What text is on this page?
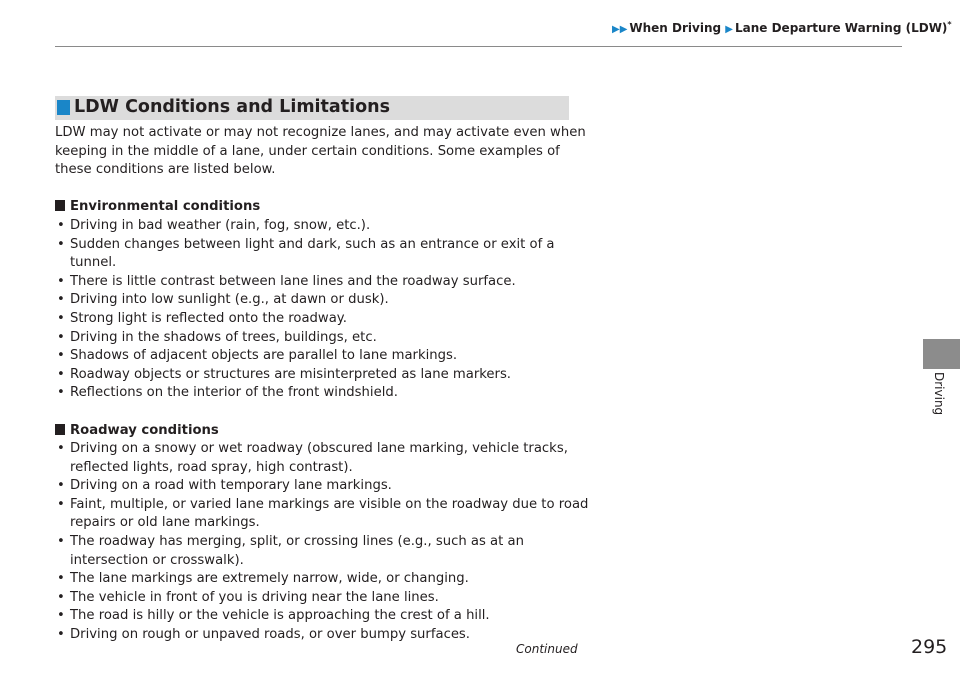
▶▶ When Driving ▶ Lane Departure Warning (LDW)*
LDW Conditions and Limitations

LDW may not activate or may not recognize lanes, and may activate even when keeping in the middle of a lane, under certain conditions. Some examples of these conditions are listed below.

Environmental conditions

• Driving in bad weather (rain, fog, snow, etc.).
• Sudden changes between light and dark, such as an entrance or exit of a tunnel.
• There is little contrast between lane lines and the roadway surface.
• Driving into low sunlight (e.g., at dawn or dusk).
• Strong light is reflected onto the roadway.
• Driving in the shadows of trees, buildings, etc.
• Shadows of adjacent objects are parallel to lane markings.
• Roadway objects or structures are misinterpreted as lane markers.
• Reflections on the interior of the front windshield.

Roadway conditions

• Driving on a snowy or wet roadway (obscured lane marking, vehicle tracks, reflected lights, road spray, high contrast).
• Driving on a road with temporary lane markings.
• Faint, multiple, or varied lane markings are visible on the roadway due to road repairs or old lane markings.
• The roadway has merging, split, or crossing lines (e.g., such as at an intersection or crosswalk).
• The lane markings are extremely narrow, wide, or changing.
• The vehicle in front of you is driving near the lane lines.
• The road is hilly or the vehicle is approaching the crest of a hill.
• Driving on rough or unpaved roads, or over bumpy surfaces.
Driving
Continued	295
